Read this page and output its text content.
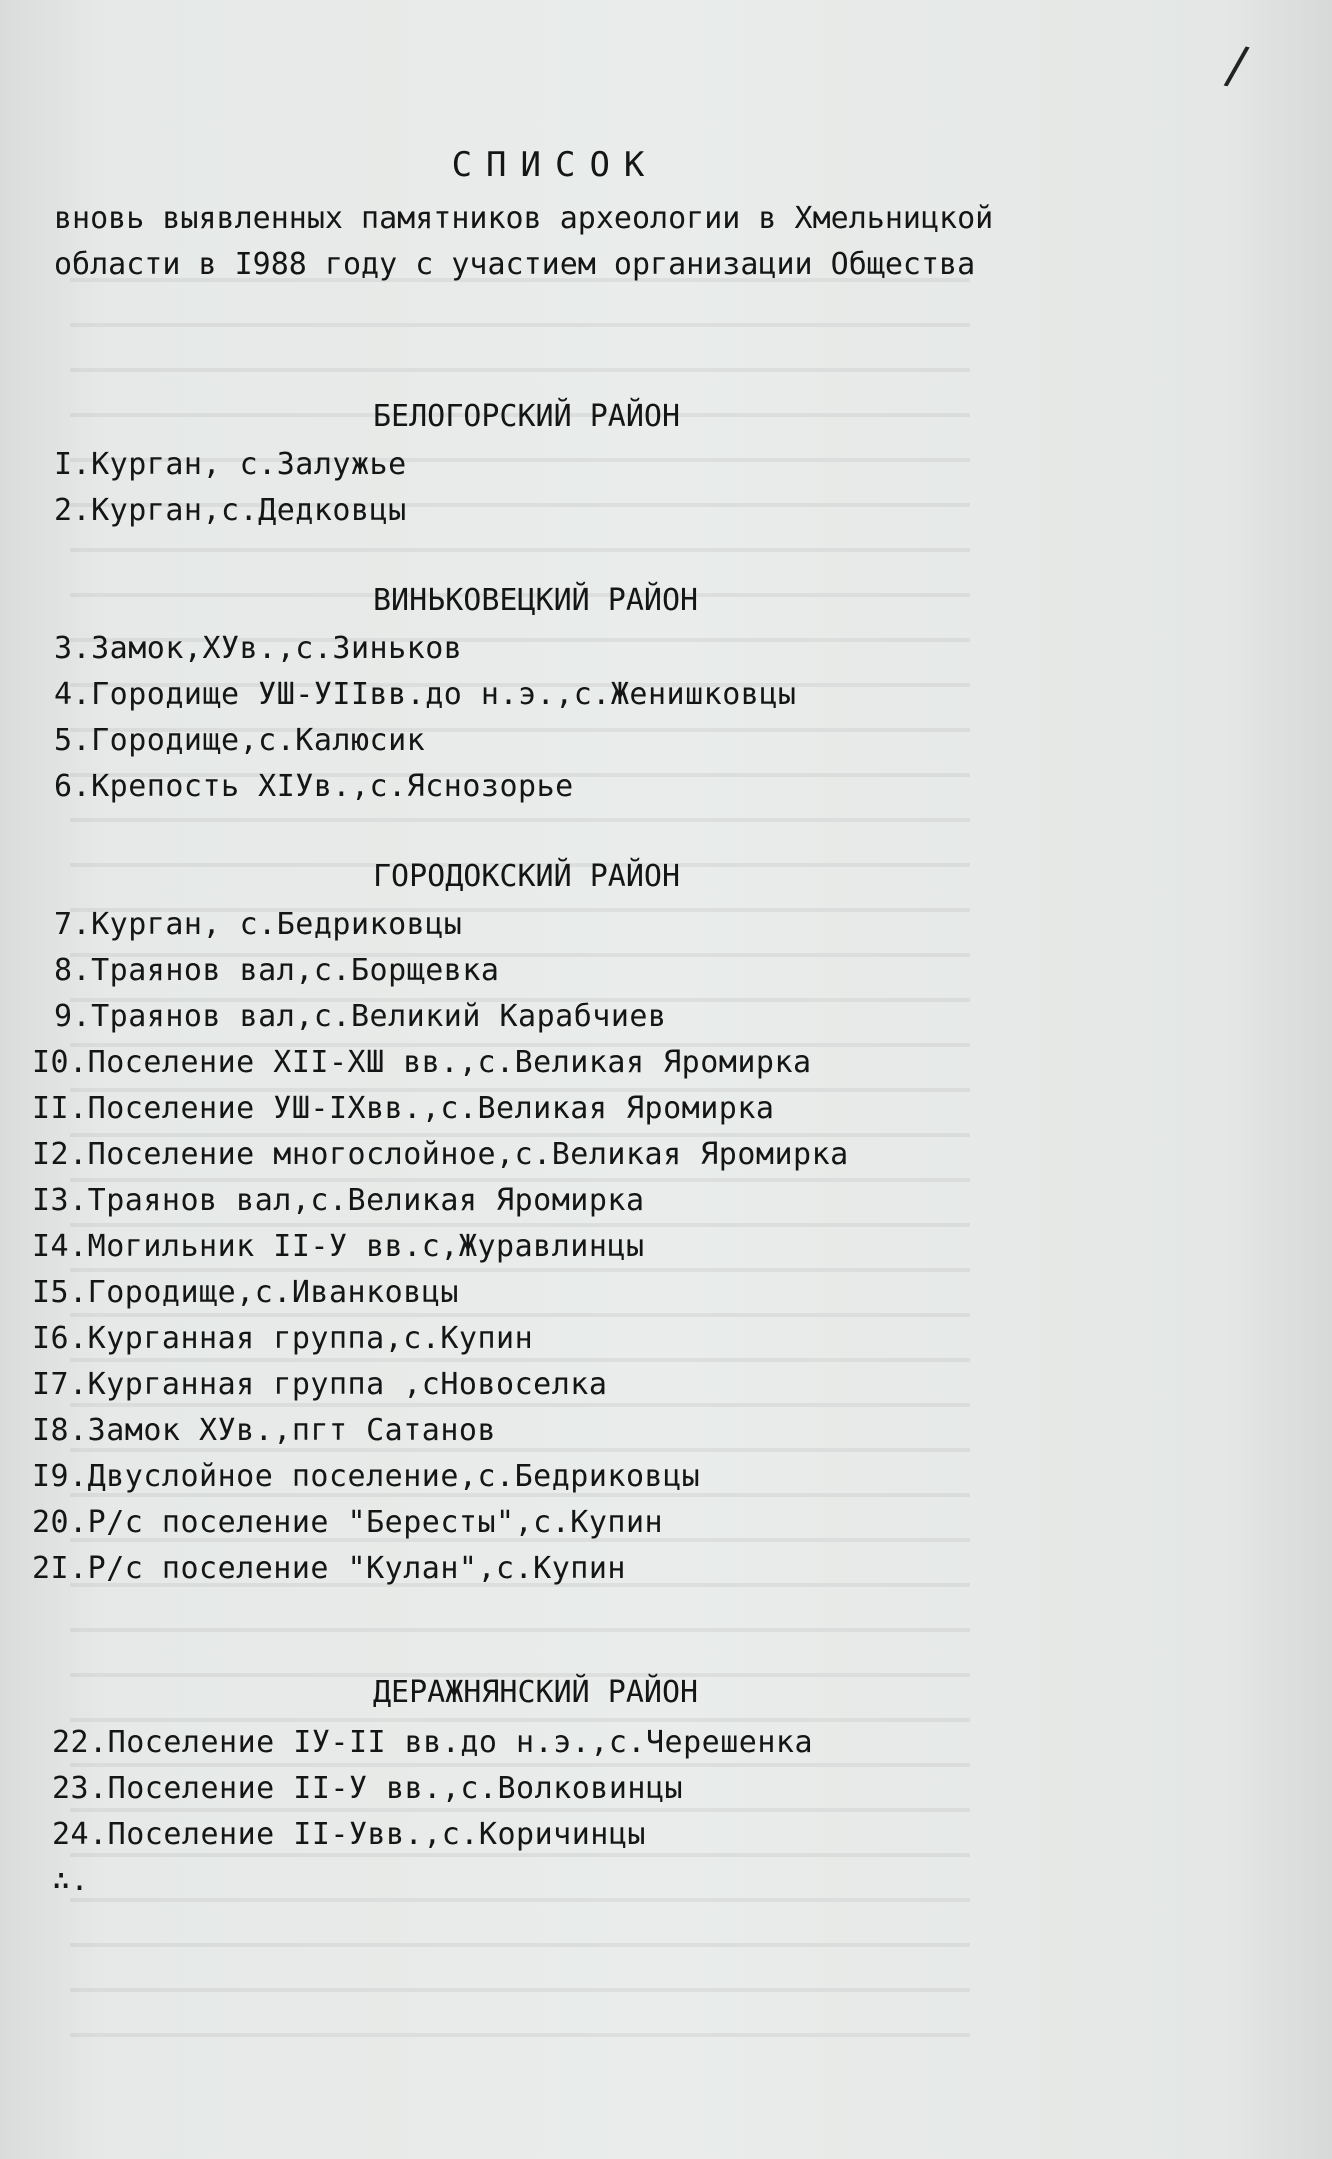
/
СПИСОК
вновь выявленных памятников археологии в Хмельницкой
области в I988 году с участием организации Общества
БЕЛОГОРСКИЙ РАЙОН
I.Курган, с.Залужье
2.Курган,с.Дедковцы
ВИНЬКОВЕЦКИЙ РАЙОН
3.Замок,ХУв.,с.Зиньков
4.Городище УШ-УIIвв.до н.э.,с.Женишковцы
5.Городище,с.Калюсик
6.Крепость ХIУв.,с.Яснозорье
ГОРОДОКСКИЙ РАЙОН
7.Курган, с.Бедриковцы
8.Траянов вал,с.Борщевка
9.Траянов вал,с.Великий Карабчиев
I0.Поселение ХII-ХШ вв.,с.Великая Яромирка
II.Поселение УШ-IХвв.,с.Великая Яромирка
I2.Поселение многослойное,с.Великая Яромирка
I3.Траянов вал,с.Великая Яромирка
I4.Могильник II-У вв.с,Журавлинцы
I5.Городище,с.Иванковцы
I6.Курганная группа,с.Купин
I7.Курганная группа ,сНовоселка
I8.Замок ХУв.,пгт Сатанов
I9.Двуслойное поселение,с.Бедриковцы
20.Р/с поселение "Бересты",с.Купин
2I.Р/с поселение "Кулан",с.Купин
ДЕРАЖНЯНСКИЙ РАЙОН
22.Поселение IУ-II вв.до н.э.,с.Черешенка
23.Поселение II-У вв.,с.Волковинцы
24.Поселение II-Увв.,с.Коричинцы
∴.
